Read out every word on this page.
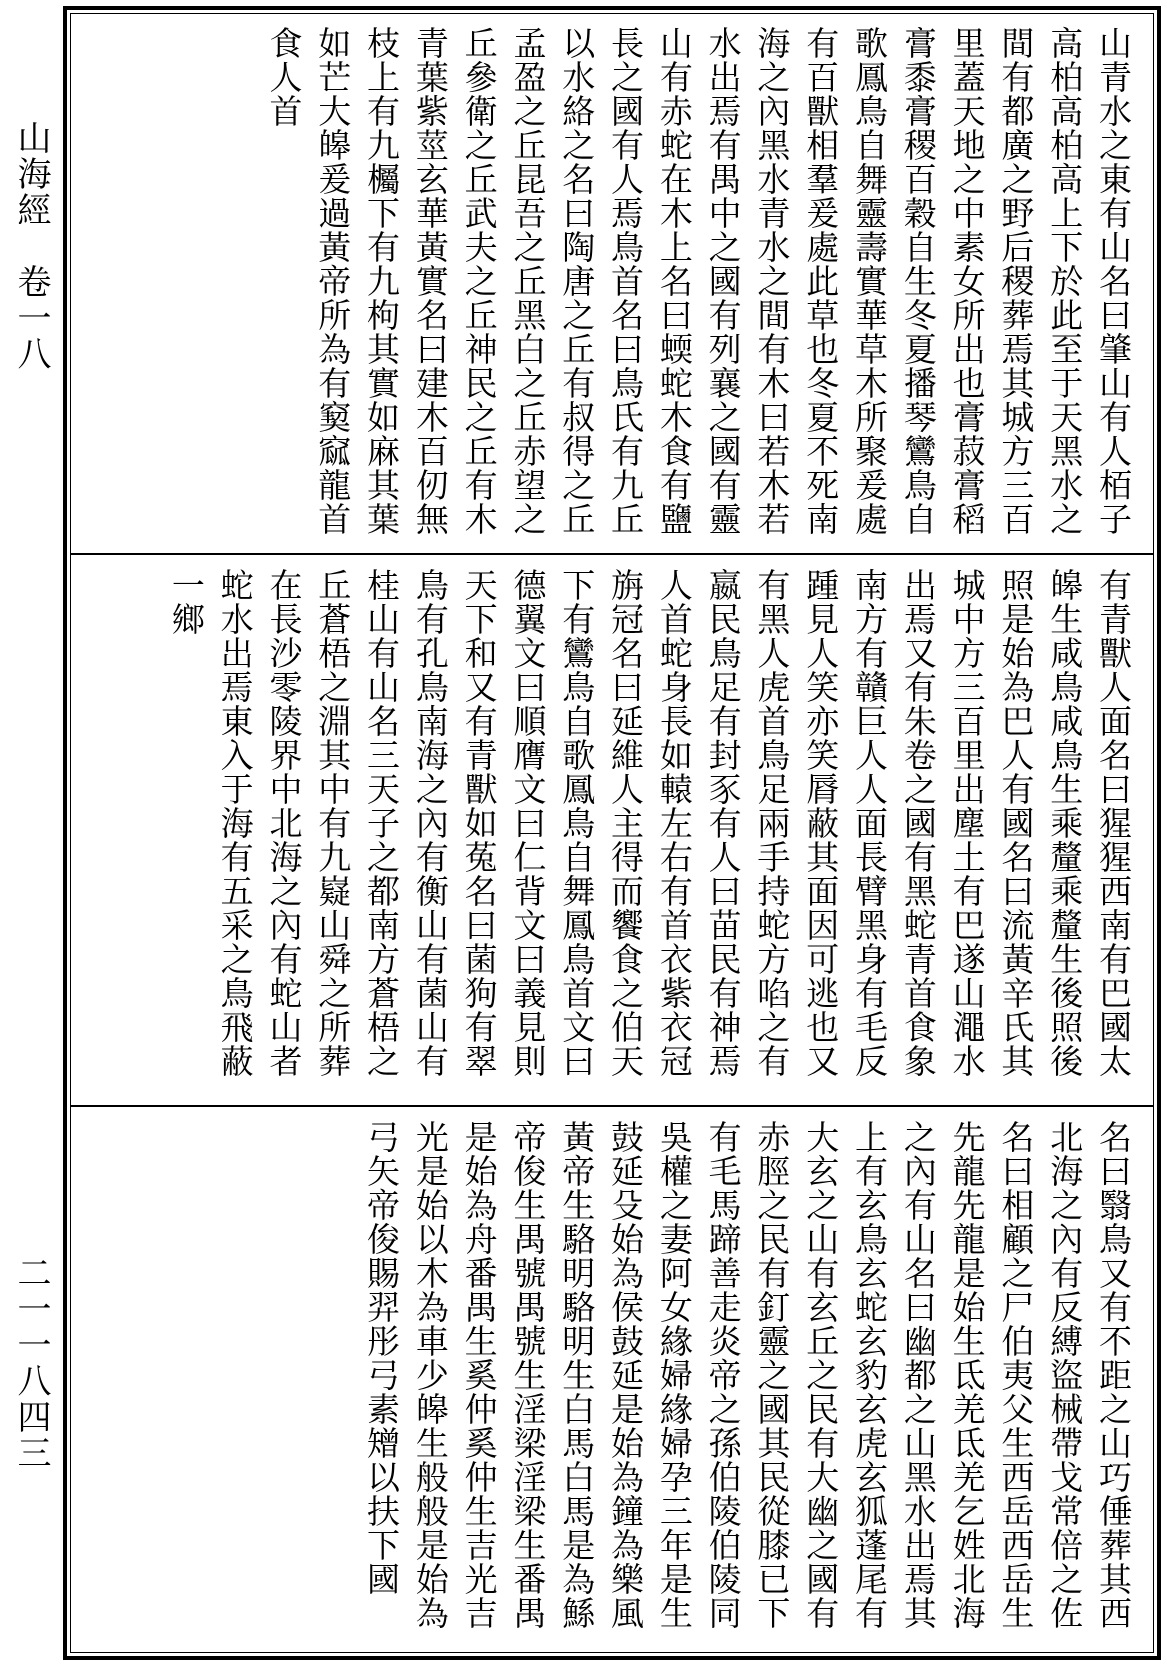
山海經　卷一八
二一一八四三

山青水之東有山名曰肇山有人栢子高柏高柏高上下於此至于天黑水之間有都廣之野后稷葬焉其城方三百里蓋天地之中素女所出也膏菽膏稻膏黍膏稷百穀自生冬夏播琴鸞鳥自歌鳳鳥自舞靈壽實華草木所聚爰處有百獸相羣爰處此草也冬夏不死南海之內黑水青水之間有木曰若木若水出焉有禺中之國有列襄之國有靈山有赤蛇在木上名曰蝡蛇木食有鹽長之國有人焉鳥首名曰鳥氏有九丘以水絡之名曰陶唐之丘有叔得之丘孟盈之丘昆吾之丘黑白之丘赤望之丘參衛之丘武夫之丘神民之丘有木青葉紫莖玄華黃實名曰建木百仞無枝上有九欘下有九枸其實如麻其葉如芒大皞爰過黃帝所為有窫窳龍首食人首

有青獸人面名曰猩猩西南有巴國太皞生咸鳥咸鳥生乘釐乘釐生後照後照是始為巴人有國名曰流黃辛氏其城中方三百里出塵土有巴遂山澠水出焉又有朱卷之國有黑蛇青首食象南方有贛巨人人面長臂黑身有毛反踵見人笑亦笑脣蔽其面因可逃也又有黑人虎首鳥足兩手持蛇方啗之有嬴民鳥足有封豕有人曰苗民有神焉人首蛇身長如轅左右有首衣紫衣冠旃冠名曰延維人主得而饗食之伯天下有鸞鳥自歌鳳鳥自舞鳳鳥首文曰德翼文曰順膺文曰仁背文曰義見則天下和又有青獸如菟名曰菌狗有翠鳥有孔鳥南海之內有衡山有菌山有桂山有山名三天子之都南方蒼梧之丘蒼梧之淵其中有九嶷山舜之所葬在長沙零陵界中北海之內有蛇山者蛇水出焉東入于海有五采之鳥飛蔽一鄉

名曰翳鳥又有不距之山巧倕葬其西北海之內有反縛盜械帶戈常倍之佐名曰相顧之尸伯夷父生西岳西岳生先龍先龍是始生氐羌氐羌乞姓北海之內有山名曰幽都之山黑水出焉其上有玄鳥玄蛇玄豹玄虎玄狐蓬尾有大玄之山有玄丘之民有大幽之國有赤脛之民有釘靈之國其民從膝已下有毛馬蹄善走炎帝之孫伯陵伯陵同吳權之妻阿女緣婦緣婦孕三年是生鼓延殳始為侯鼓延是始為鐘為樂風黃帝生駱明駱明生白馬白馬是為鯀帝俊生禺號禺號生淫梁淫梁生番禺是始為舟番禺生奚仲奚仲生吉光吉光是始以木為車少皞生般般是始為弓矢帝俊賜羿彤弓素矰以扶下國
